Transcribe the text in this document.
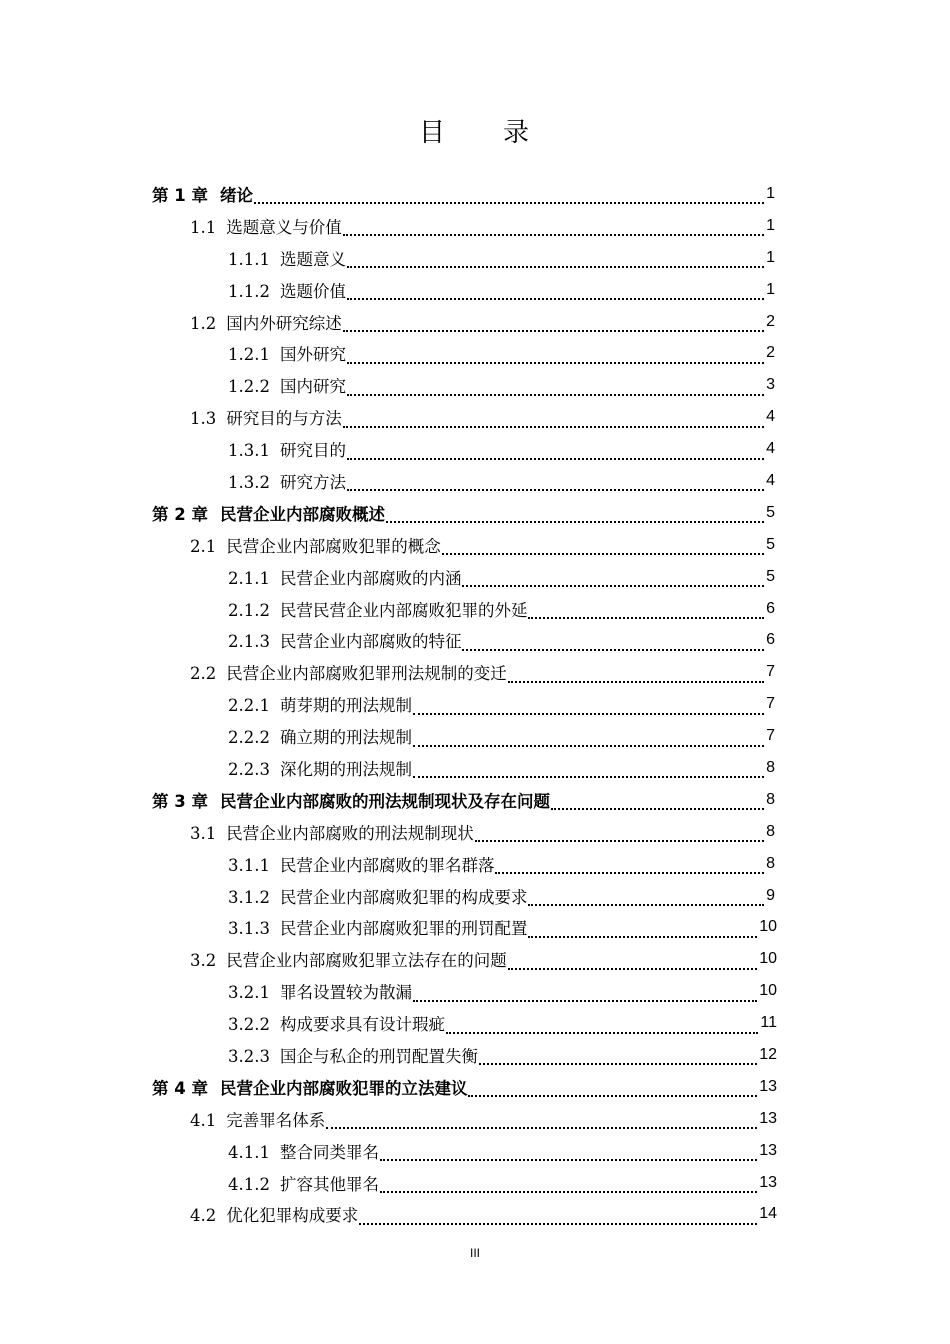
目　　录
第 1 章 绪论	1
1.1 选题意义与价值	1
1.1.1 选题意义	1
1.1.2 选题价值	1
1.2 国内外研究综述	2
1.2.1 国外研究	2
1.2.2 国内研究	3
1.3 研究目的与方法	4
1.3.1 研究目的	4
1.3.2 研究方法	4
第 2 章 民营企业内部腐败概述	5
2.1 民营企业内部腐败犯罪的概念	5
2.1.1 民营企业内部腐败的内涵	5
2.1.2 民营民营企业内部腐败犯罪的外延	6
2.1.3 民营企业内部腐败的特征	6
2.2 民营企业内部腐败犯罪刑法规制的变迁	7
2.2.1 萌芽期的刑法规制	7
2.2.2 确立期的刑法规制	7
2.2.3 深化期的刑法规制	8
第 3 章 民营企业内部腐败的刑法规制现状及存在问题	8
3.1 民营企业内部腐败的刑法规制现状	8
3.1.1 民营企业内部腐败的罪名群落	8
3.1.2 民营企业内部腐败犯罪的构成要求	9
3.1.3 民营企业内部腐败犯罪的刑罚配置	10
3.2 民营企业内部腐败犯罪立法存在的问题	10
3.2.1 罪名设置较为散漏	10
3.2.2 构成要求具有设计瑕疵	11
3.2.3 国企与私企的刑罚配置失衡	12
第 4 章 民营企业内部腐败犯罪的立法建议	13
4.1 完善罪名体系	13
4.1.1 整合同类罪名	13
4.1.2 扩容其他罪名	13
4.2 优化犯罪构成要求	14
III
